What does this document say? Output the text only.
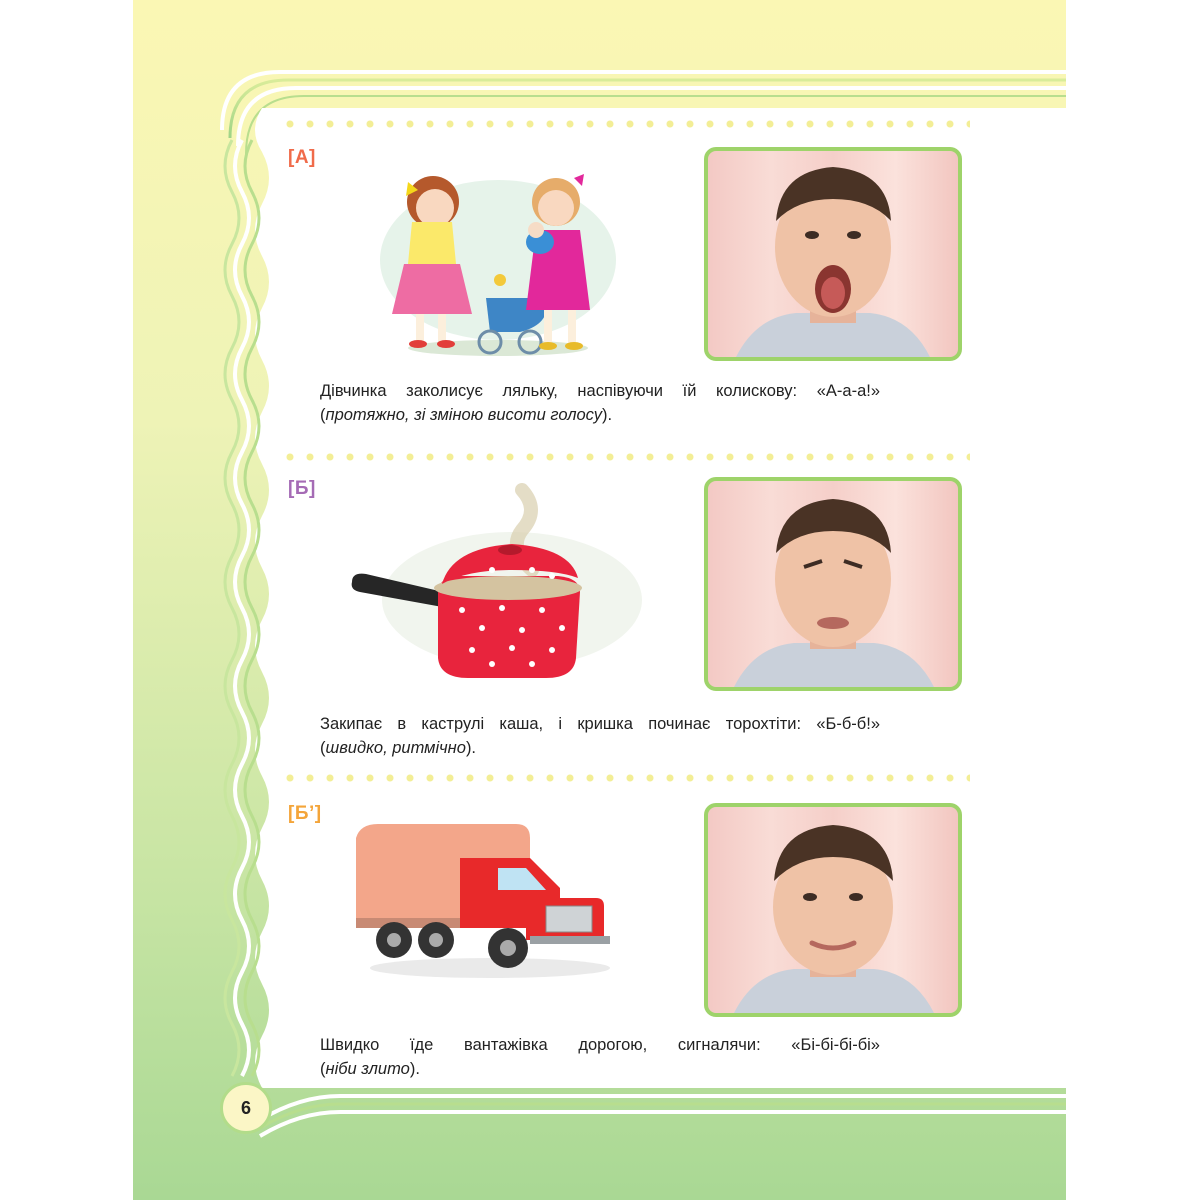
[А]
Дівчинка заколисує ляльку, наспівуючи їй колискову: «А-а-а!»
(протяжно, зі зміною висоти голосу).
[Б]
Закипає в каструлі каша, і кришка починає торохтіти: «Б-б-б!»
(швидко, ритмічно).
[Б’]
Швидко їде вантажівка дорогою, сигналячи: «Бі-бі-бі-бі»
(ніби злито).
6
